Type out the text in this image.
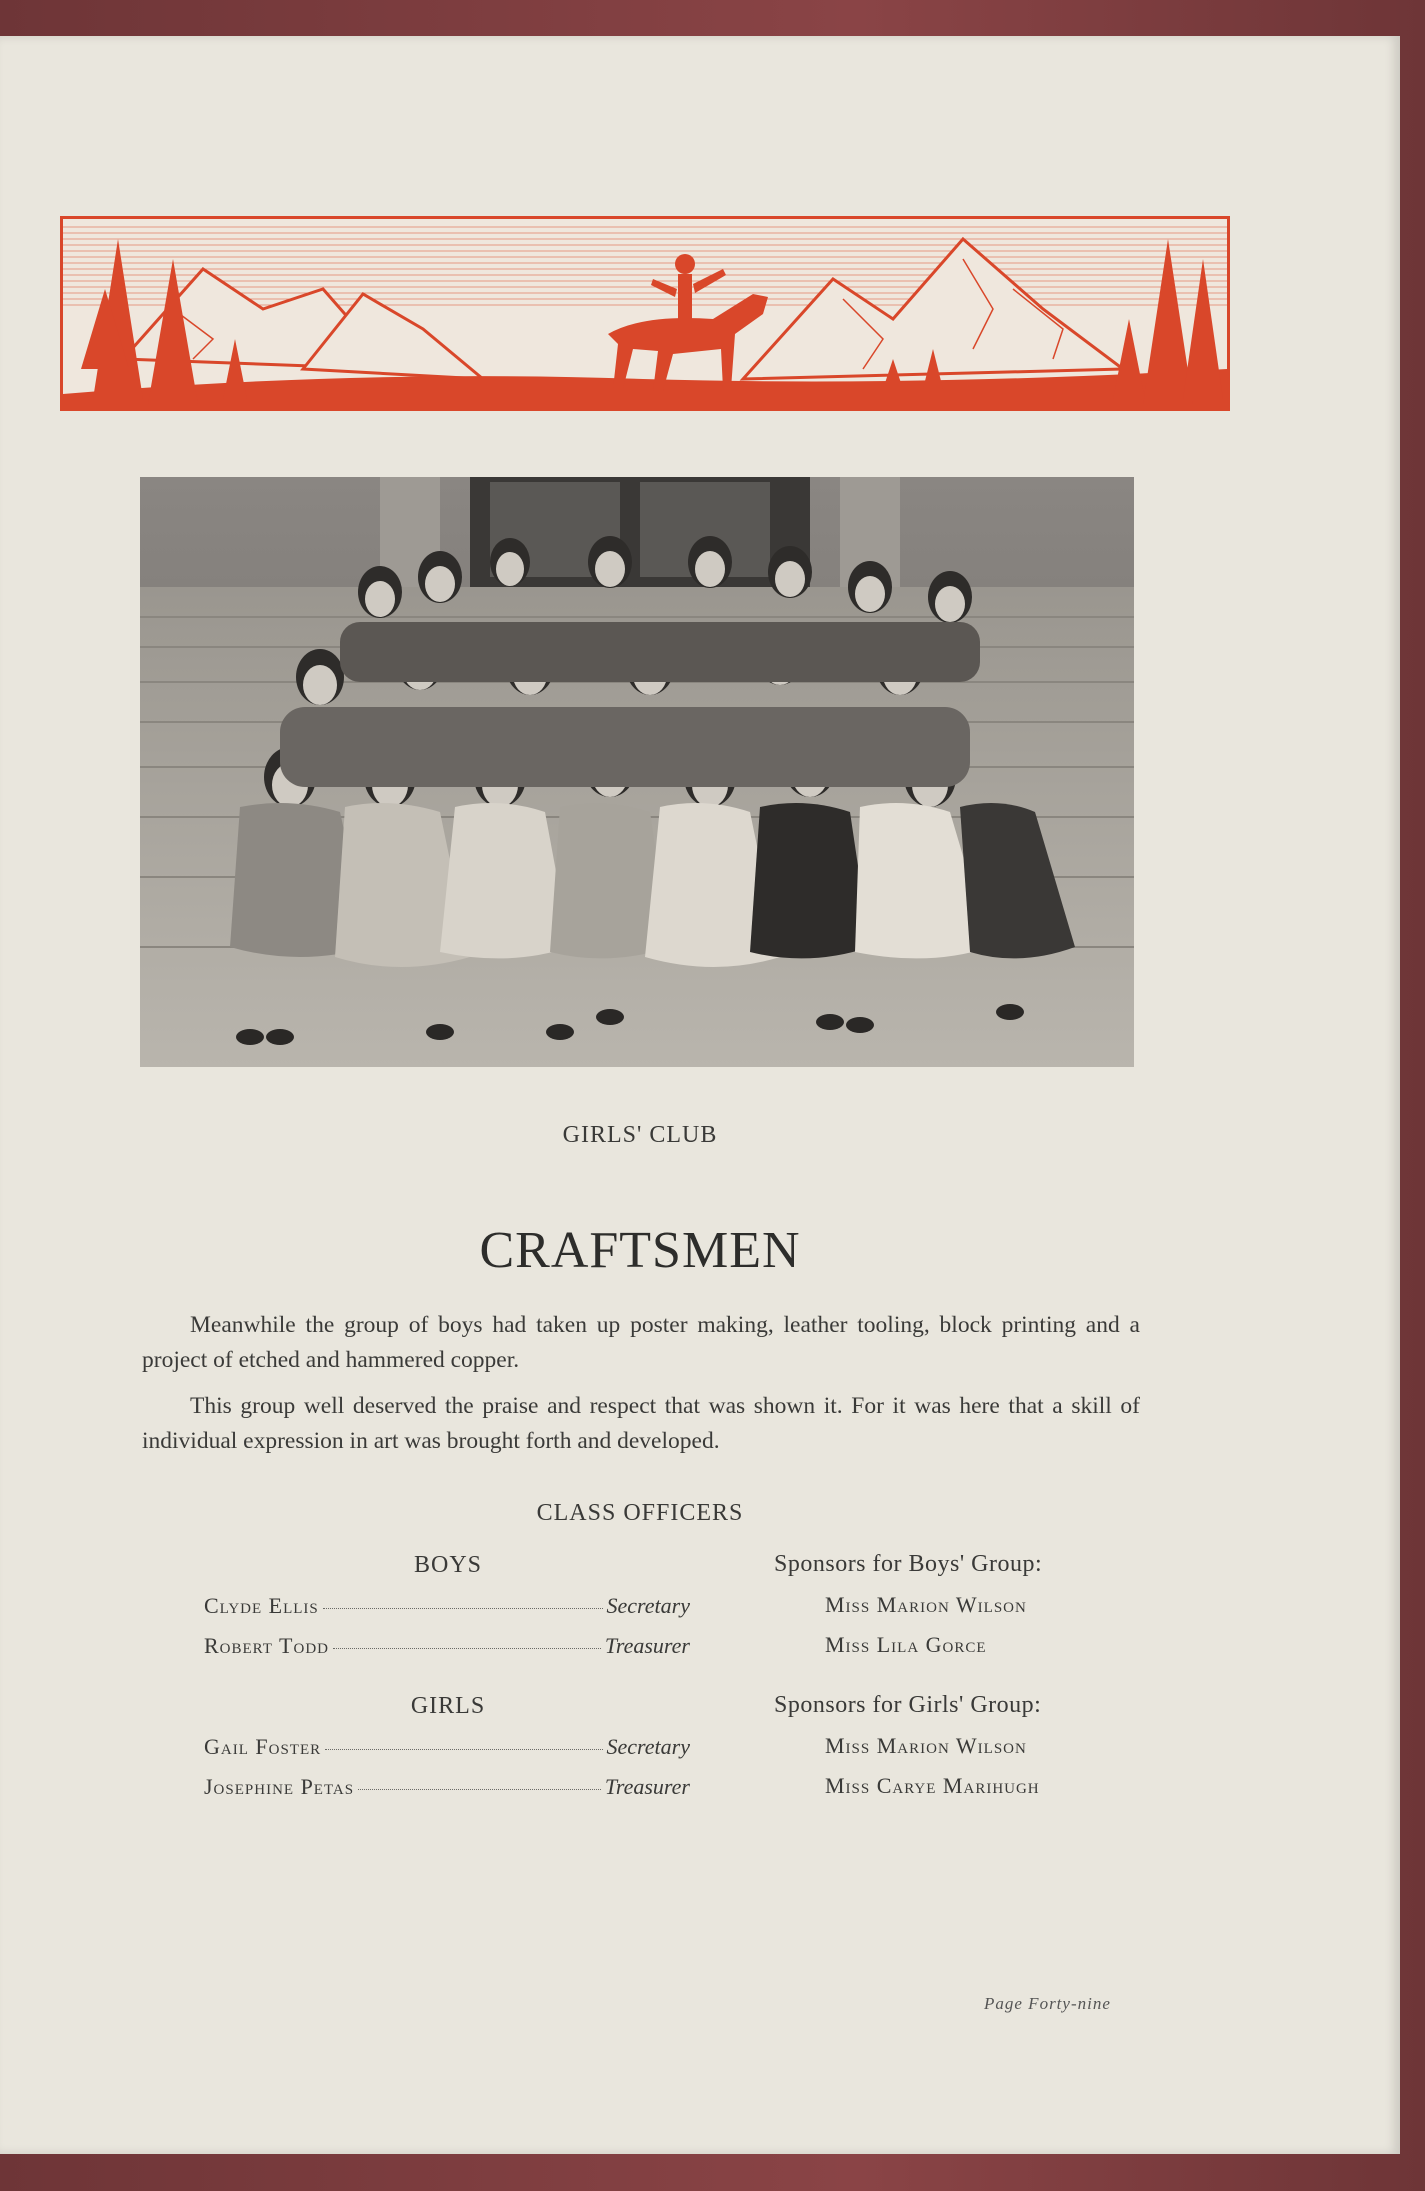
GIRLS' CLUB
CRAFTSMEN

Meanwhile the group of boys had taken up poster making, leather tooling, block printing and a project of etched and hammered copper.

This group well deserved the praise and respect that was shown it. For it was here that a skill of individual expression in art was brought forth and developed.

CLASS OFFICERS
BOYS
Clyde Ellis	Secretary
Robert Todd	Treasurer
GIRLS
Gail Foster	Secretary
Josephine Petas	Treasurer
Sponsors for Boys' Group:
Miss Marion Wilson
Miss Lila Gorce
Sponsors for Girls' Group:
Miss Marion Wilson
Miss Carye Marihugh
Page Forty-nine
